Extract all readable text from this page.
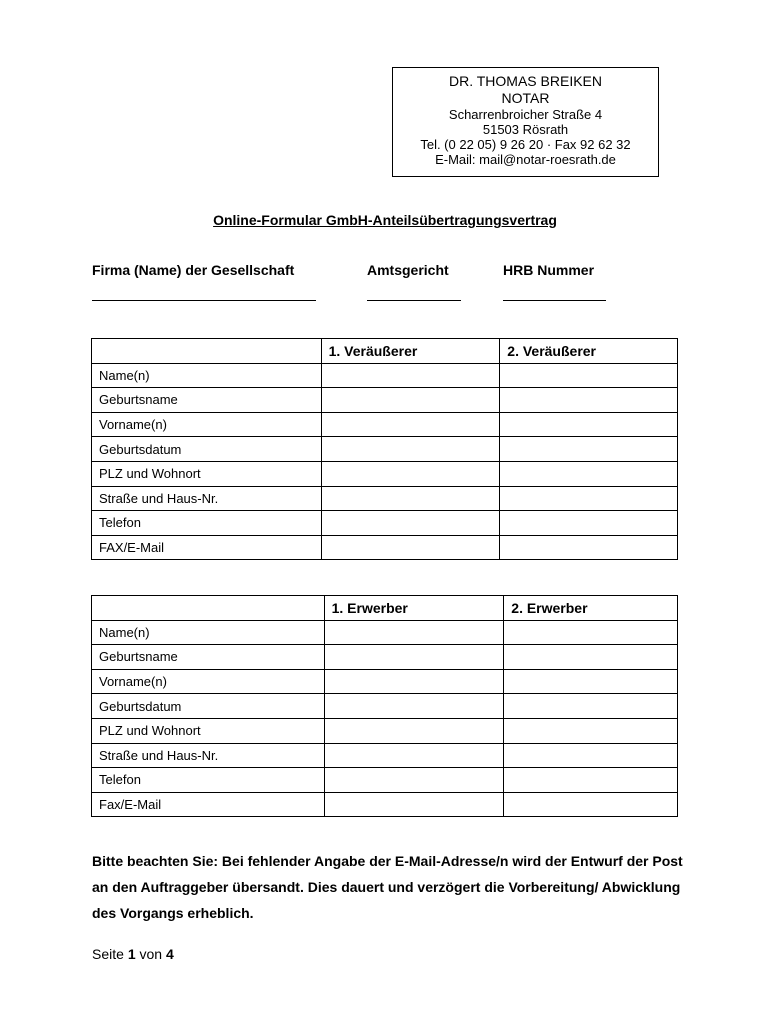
DR. THOMAS BREIKEN
NOTAR
Scharrenbroicher Straße 4
51503 Rösrath
Tel. (0 22 05) 9 26 20 · Fax 92 62 32
E-Mail: mail@notar-roesrath.de
Online-Formular GmbH-Anteilsübertragungsvertrag
Firma (Name) der Gesellschaft	Amtsgericht	HRB Nummer
	1. Veräußerer	2. Veräußerer
Name(n)		
Geburtsname		
Vorname(n)		
Geburtsdatum		
PLZ und Wohnort		
Straße und Haus-Nr.		
Telefon		
FAX/E-Mail		
	1. Erwerber	2. Erwerber
Name(n)		
Geburtsname		
Vorname(n)		
Geburtsdatum		
PLZ und Wohnort		
Straße und Haus-Nr.		
Telefon		
Fax/E-Mail		
Bitte beachten Sie: Bei fehlender Angabe der E-Mail-Adresse/n wird der Entwurf der Post an den Auftraggeber übersandt. Dies dauert und verzögert die Vorbereitung/ Abwicklung des Vorgangs erheblich.
Seite 1 von 4
